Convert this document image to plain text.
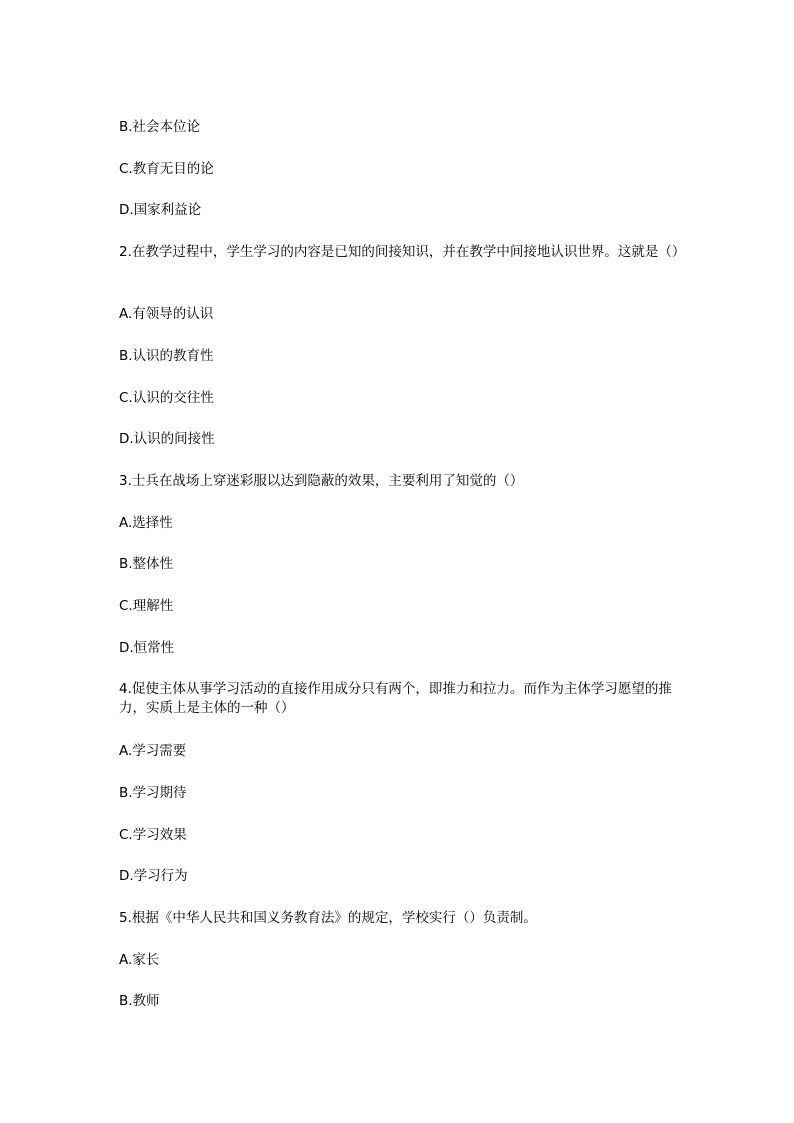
B.社会本位论
C.教育无目的论
D.国家利益论
2.在教学过程中，学生学习的内容是已知的间接知识，并在教学中间接地认识世界。这就是（）
A.有领导的认识
B.认识的教育性
C.认识的交往性
D.认识的间接性
3.士兵在战场上穿迷彩服以达到隐蔽的效果，主要利用了知觉的（）
A.选择性
B.整体性
C.理解性
D.恒常性
4.促使主体从事学习活动的直接作用成分只有两个，即推力和拉力。而作为主体学习愿望的推力，实质上是主体的一种（）
A.学习需要
B.学习期待
C.学习效果
D.学习行为
5.根据《中华人民共和国义务教育法》的规定，学校实行（）负责制。
A.家长
B.教师
